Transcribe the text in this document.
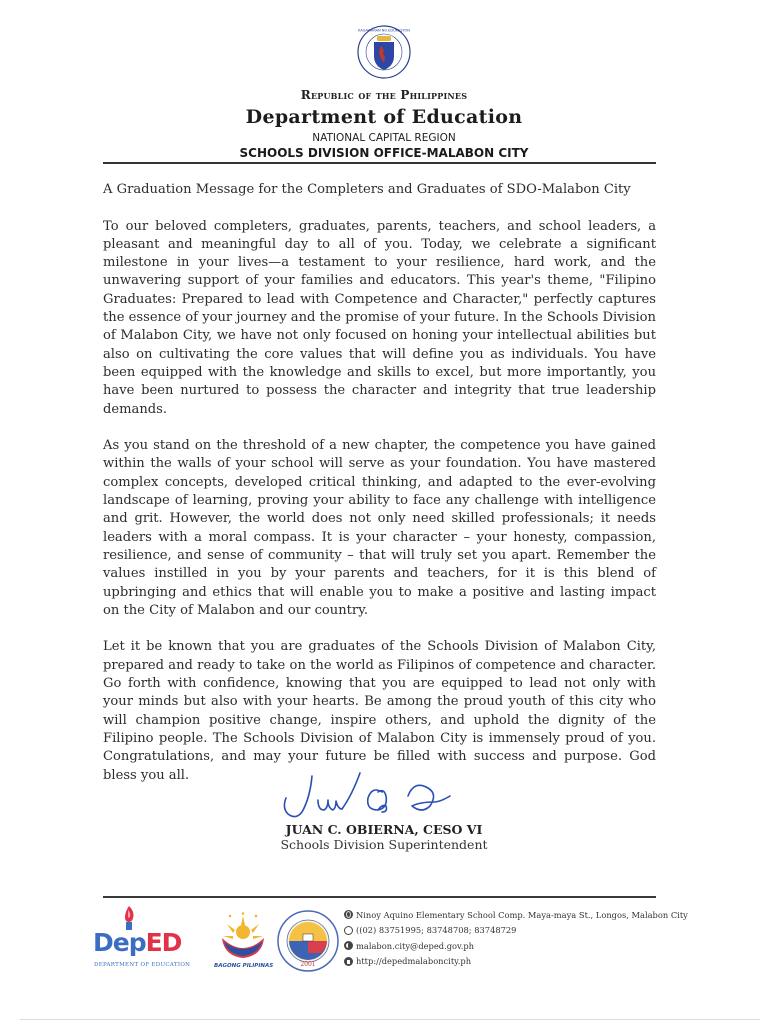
KAGAWARAN NG EDUKASYON
Republic of the Philippines
Department of Education
NATIONAL CAPITAL REGION
SCHOOLS DIVISION OFFICE-MALABON CITY

A Graduation Message for the Completers and Graduates of SDO-Malabon City

To our beloved completers, graduates, parents, teachers, and school leaders, a pleasant and meaningful day to all of you. Today, we celebrate a significant milestone in your lives—a testament to your resilience, hard work, and the unwavering support of your families and educators. This year's theme, "Filipino Graduates: Prepared to lead with Competence and Character," perfectly captures the essence of your journey and the promise of your future. In the Schools Division of Malabon City, we have not only focused on honing your intellectual abilities but also on cultivating the core values that will define you as individuals. You have been equipped with the knowledge and skills to excel, but more importantly, you have been nurtured to possess the character and integrity that true leadership demands.

As you stand on the threshold of a new chapter, the competence you have gained within the walls of your school will serve as your foundation. You have mastered complex concepts, developed critical thinking, and adapted to the ever-evolving landscape of learning, proving your ability to face any challenge with intelligence and grit. However, the world does not only need skilled professionals; it needs leaders with a moral compass. It is your character – your honesty, compassion, resilience, and sense of community – that will truly set you apart. Remember the values instilled in you by your parents and teachers, for it is this blend of upbringing and ethics that will enable you to make a positive and lasting impact on the City of Malabon and our country.

Let it be known that you are graduates of the Schools Division of Malabon City, prepared and ready to take on the world as Filipinos of competence and character. Go forth with confidence, knowing that you are equipped to lead not only with your minds but also with your hearts. Be among the proud youth of this city who will champion positive change, inspire others, and uphold the dignity of the Filipino people. The Schools Division of Malabon City is immensely proud of you. Congratulations, and may your future be filled with success and purpose. God bless you all.

JUAN C. OBIERNA, CESO VI
Schools Division Superintendent
DepED
DEPARTMENT OF EDUCATION	BAGONG PILIPINAS	2001
Ninoy Aquino Elementary School Comp. Maya-maya St., Longos, Malabon City
((02) 83751995; 83748708; 83748729
malabon.city@deped.gov.ph
http://depedmalaboncity.ph
